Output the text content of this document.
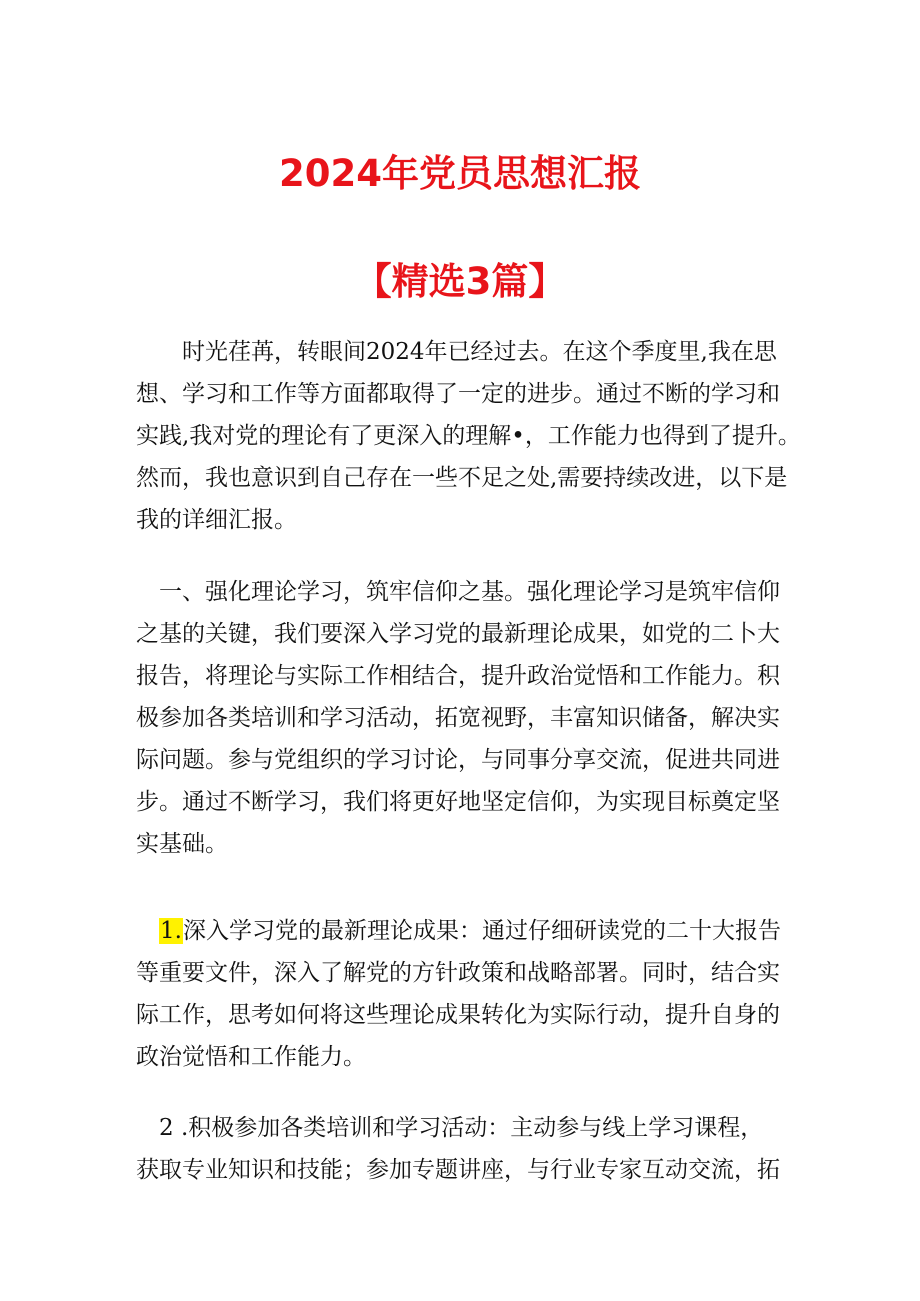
2024年党员思想汇报
【精选3篇】
　　时光荏苒，转眼间2024年已经过去。在这个季度里,我在思
想、学习和工作等方面都取得了一定的进步。通过不断的学习和
实践,我对党的理论有了更深入的理解•，工作能力也得到了提升。
然而，我也意识到自己存在一些不足之处,需要持续改进，以下是
我的详细汇报。
　一、强化理论学习，筑牢信仰之基。强化理论学习是筑牢信仰
之基的关键，我们要深入学习党的最新理论成果，如党的二卜大
报告，将理论与实际工作相结合，提升政治觉悟和工作能力。积
极参加各类培训和学习活动，拓宽视野，丰富知识储备，解决实
际问题。参与党组织的学习讨论，与同事分享交流，促进共同进
步。通过不断学习，我们将更好地坚定信仰，为实现目标奠定坚
实基础。
　1.深入学习党的最新理论成果：通过仔细研读党的二十大报告
等重要文件，深入了解党的方针政策和战略部署。同时，结合实
际工作，思考如何将这些理论成果转化为实际行动，提升自身的
政治觉悟和工作能力。
　2 .积极参加各类培训和学习活动：主动参与线上学习课程，
获取专业知识和技能；参加专题讲座，与行业专家互动交流，拓
